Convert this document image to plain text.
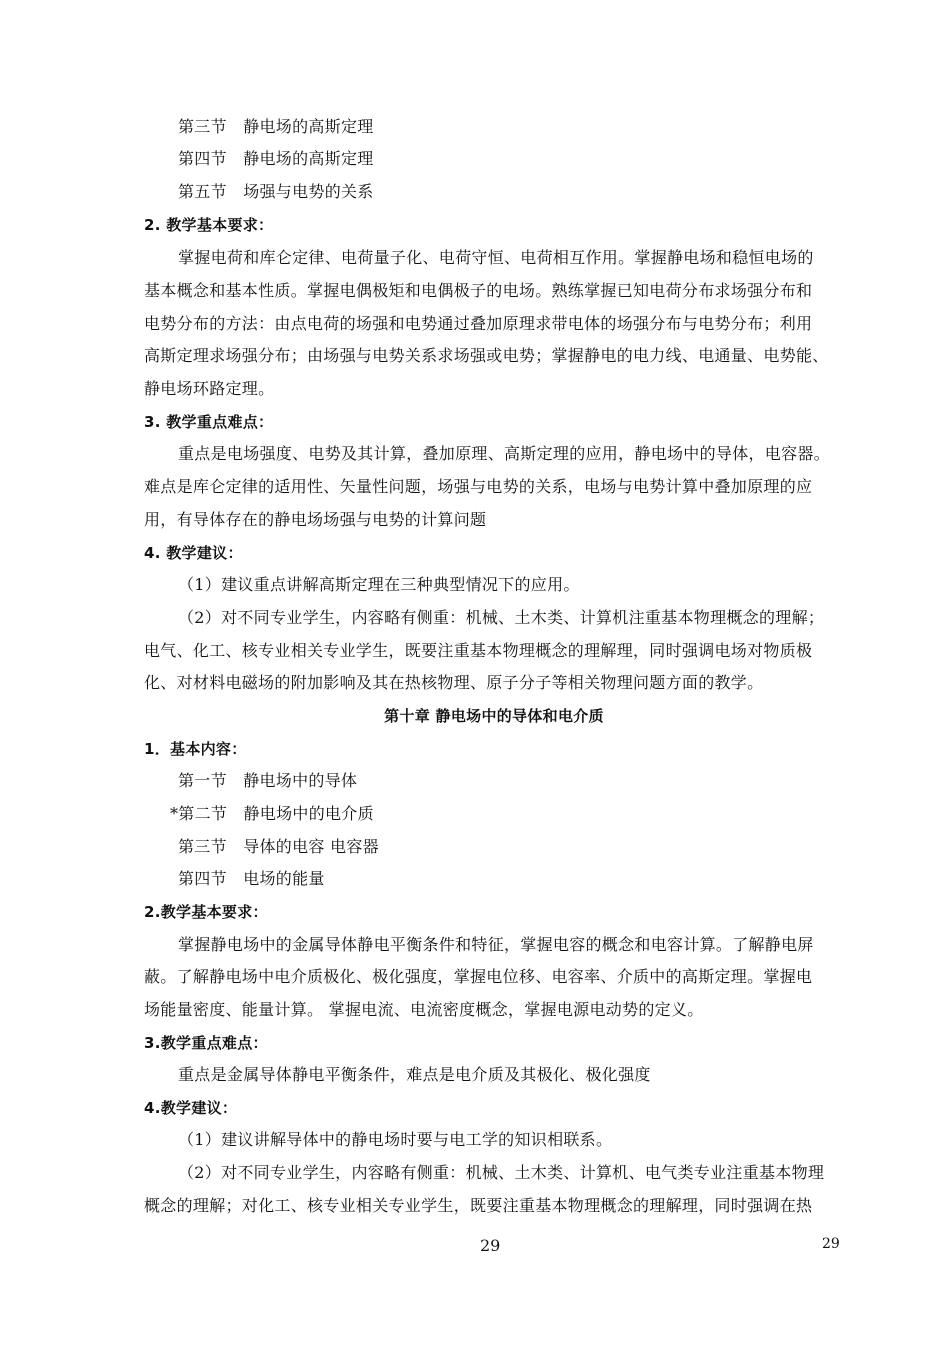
第三节　静电场的高斯定理
第四节　静电场的高斯定理
第五节　场强与电势的关系
2. 教学基本要求：
掌握电荷和库仑定律、电荷量子化、电荷守恒、电荷相互作用。掌握静电场和稳恒电场的
基本概念和基本性质。掌握电偶极矩和电偶极子的电场。熟练掌握已知电荷分布求场强分布和
电势分布的方法：由点电荷的场强和电势通过叠加原理求带电体的场强分布与电势分布；利用
高斯定理求场强分布；由场强与电势关系求场强或电势；掌握静电的电力线、电通量、电势能、
静电场环路定理。
3. 教学重点难点：
重点是电场强度、电势及其计算，叠加原理、高斯定理的应用，静电场中的导体，电容器。
难点是库仑定律的适用性、矢量性问题，场强与电势的关系，电场与电势计算中叠加原理的应
用，有导体存在的静电场场强与电势的计算问题
4. 教学建议：
（1）建议重点讲解高斯定理在三种典型情况下的应用。
（2）对不同专业学生，内容略有侧重：机械、土木类、计算机注重基本物理概念的理解；
电气、化工、核专业相关专业学生，既要注重基本物理概念的理解理，同时强调电场对物质极
化、对材料电磁场的附加影响及其在热核物理、原子分子等相关物理问题方面的教学。
第十章 静电场中的导体和电介质
1．基本内容：
第一节　静电场中的导体
*第二节　静电场中的电介质
第三节　导体的电容 电容器
第四节　电场的能量
2.教学基本要求：
掌握静电场中的金属导体静电平衡条件和特征，掌握电容的概念和电容计算。了解静电屏
蔽。了解静电场中电介质极化、极化强度，掌握电位移、电容率、介质中的高斯定理。掌握电
场能量密度、能量计算。 掌握电流、电流密度概念，掌握电源电动势的定义。
3.教学重点难点：
重点是金属导体静电平衡条件，难点是电介质及其极化、极化强度
4.教学建议：
（1）建议讲解导体中的静电场时要与电工学的知识相联系。
（2）对不同专业学生，内容略有侧重：机械、土木类、计算机、电气类专业注重基本物理
概念的理解；对化工、核专业相关专业学生，既要注重基本物理概念的理解理，同时强调在热
29	29
